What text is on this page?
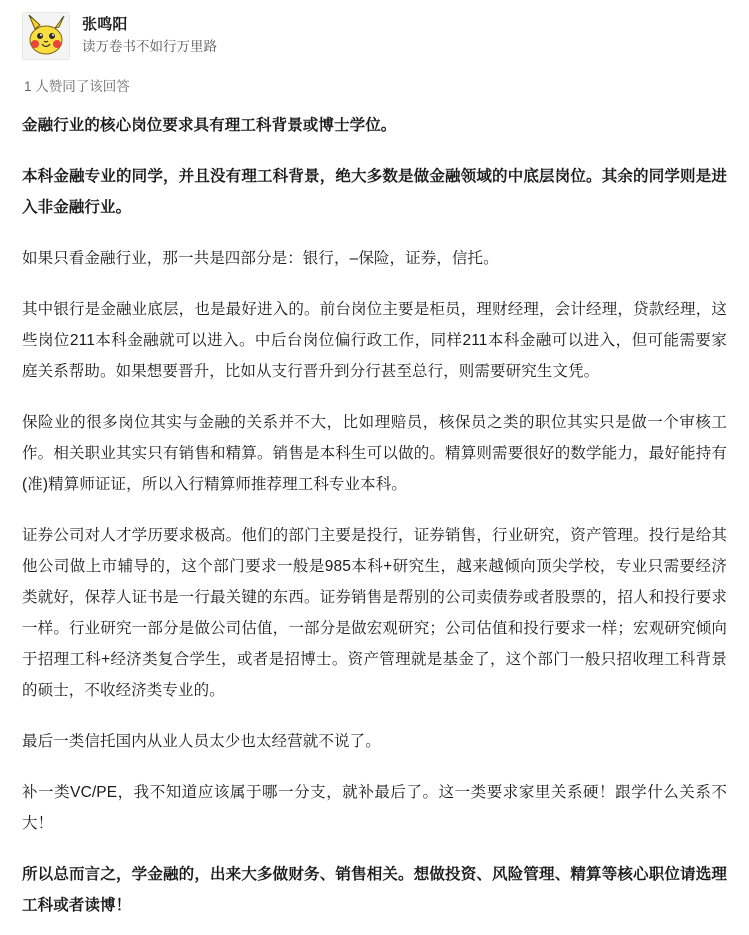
张鸣阳
读万卷书不如行万里路
1 人赞同了该回答

金融行业的核心岗位要求具有理工科背景或博士学位。

本科金融专业的同学，并且没有理工科背景，绝大多数是做金融领域的中底层岗位。其余的同学则是进入非金融行业。

如果只看金融行业，那一共是四部分是：银行，–保险，证券，信托。

其中银行是金融业底层，也是最好进入的。前台岗位主要是柜员，理财经理，会计经理，贷款经理，这些岗位211本科金融就可以进入。中后台岗位偏行政工作，同样211本科金融可以进入，但可能需要家庭关系帮助。如果想要晋升，比如从支行晋升到分行甚至总行，则需要研究生文凭。

保险业的很多岗位其实与金融的关系并不大，比如理赔员，核保员之类的职位其实只是做一个审核工作。相关职业其实只有销售和精算。销售是本科生可以做的。精算则需要很好的数学能力，最好能持有(准)精算师证证，所以入行精算师推荐理工科专业本科。

证券公司对人才学历要求极高。他们的部门主要是投行，证券销售，行业研究，资产管理。投行是给其他公司做上市辅导的，这个部门要求一般是985本科+研究生，越来越倾向顶尖学校，专业只需要经济类就好，保荐人证书是一行最关键的东西。证券销售是帮别的公司卖债券或者股票的，招人和投行要求一样。行业研究一部分是做公司估值，一部分是做宏观研究；公司估值和投行要求一样；宏观研究倾向于招理工科+经济类复合学生，或者是招博士。资产管理就是基金了，这个部门一般只招收理工科背景的硕士，不收经济类专业的。

最后一类信托国内从业人员太少也太经营就不说了。

补一类VC/PE，我不知道应该属于哪一分支，就补最后了。这一类要求家里关系硬！跟学什么关系不大！

所以总而言之，学金融的，出来大多做财务、销售相关。想做投资、风险管理、精算等核心职位请选理工科或者读博！
